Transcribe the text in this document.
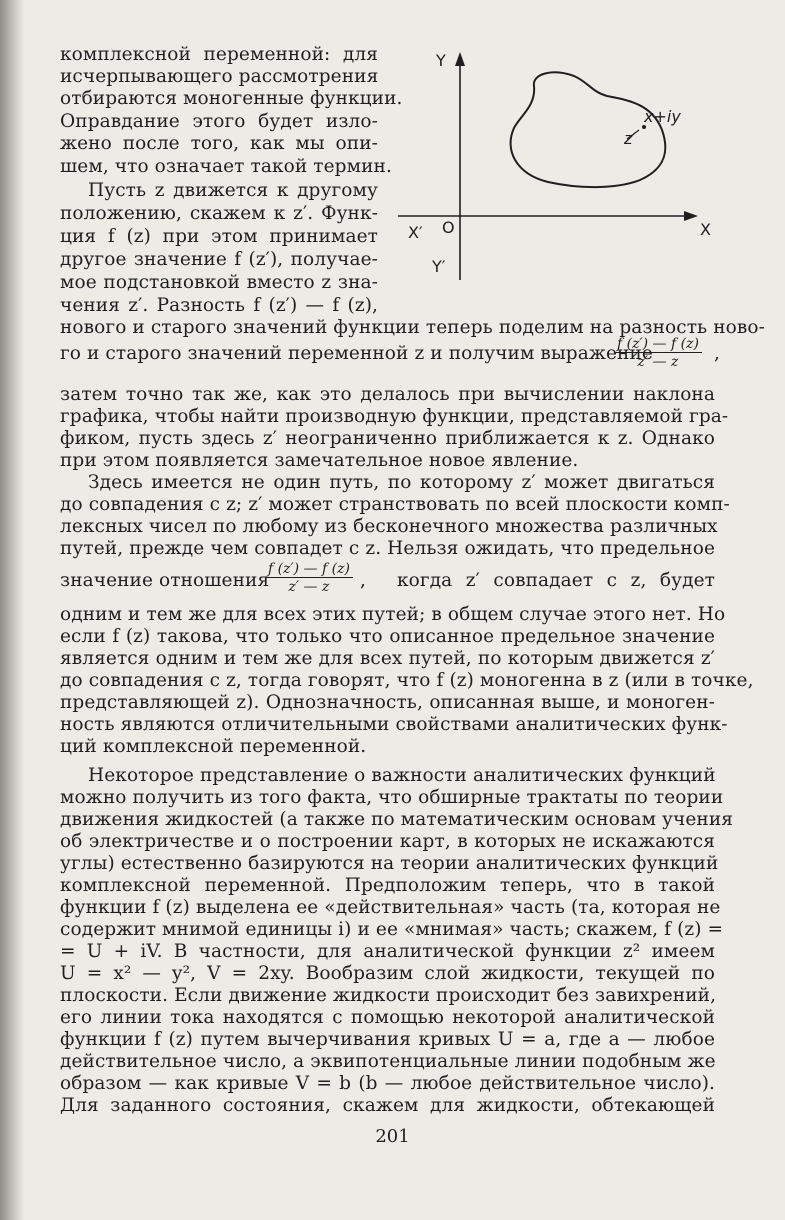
комплексной переменной: для
исчерпывающего рассмотрения
отбираются моногенные функции.
Оправдание этого будет изло-
жено после того, как мы опи-
шем, что означает такой термин.
Пусть z движется к другому
положению, скажем к z′. Функ-
ция f (z) при этом принимает
другое значение f (z′), получае-
мое подстановкой вместо z зна-
чения z′. Разность f (z′) — f (z),
Y
Y′
X
X′ O
x+iy
z′
нового и старого значений функции теперь поделим на разность ново-
го и старого значений переменной z и получим выражение
$\frac{f (z') — f (z)}{z' — z}$ ,
затем точно так же, как это делалось при вычислении наклона
графика, чтобы найти производную функции, представляемой гра-
фиком, пусть здесь z′ неограниченно приближается к z. Однако
при этом появляется замечательное новое явление.
Здесь имеется не один путь, по которому z′ может двигаться
до совпадения с z; z′ может странствовать по всей плоскости комп-
лексных чисел по любому из бесконечного множества различных
путей, прежде чем совпадет с z. Нельзя ожидать, что предельное
значение отношения
$\frac{f (z') — f (z)}{z' — z}$ , когда z′ совпадает с z, будет
одним и тем же для всех этих путей; в общем случае этого нет. Но
если f (z) такова, что только что описанное предельное значение
является одним и тем же для всех путей, по которым движется z′
до совпадения с z, тогда говорят, что f (z) моногенна в z (или в точке,
представляющей z). Однозначность, описанная выше, и моноген-
ность являются отличительными свойствами аналитических функ-
ций комплексной переменной.
Некоторое представление о важности аналитических функций
можно получить из того факта, что обширные трактаты по теории
движения жидкостей (а также по математическим основам учения
об электричестве и о построении карт, в которых не искажаются
углы) естественно базируются на теории аналитических функций
комплексной переменной. Предположим теперь, что в такой
функции f (z) выделена ее «действительная» часть (та, которая не
содержит мнимой единицы i) и ее «мнимая» часть; скажем, f (z) =
= U + iV. В частности, для аналитической функции z² имеем
U = x² — y², V = 2xy. Вообразим слой жидкости, текущей по
плоскости. Если движение жидкости происходит без завихрений,
его линии тока находятся с помощью некоторой аналитической
функции f (z) путем вычерчивания кривых U = a, где a — любое
действительное число, а эквипотенциальные линии подобным же
образом — как кривые V = b (b — любое действительное число).
Для заданного состояния, скажем для жидкости, обтекающей
201
